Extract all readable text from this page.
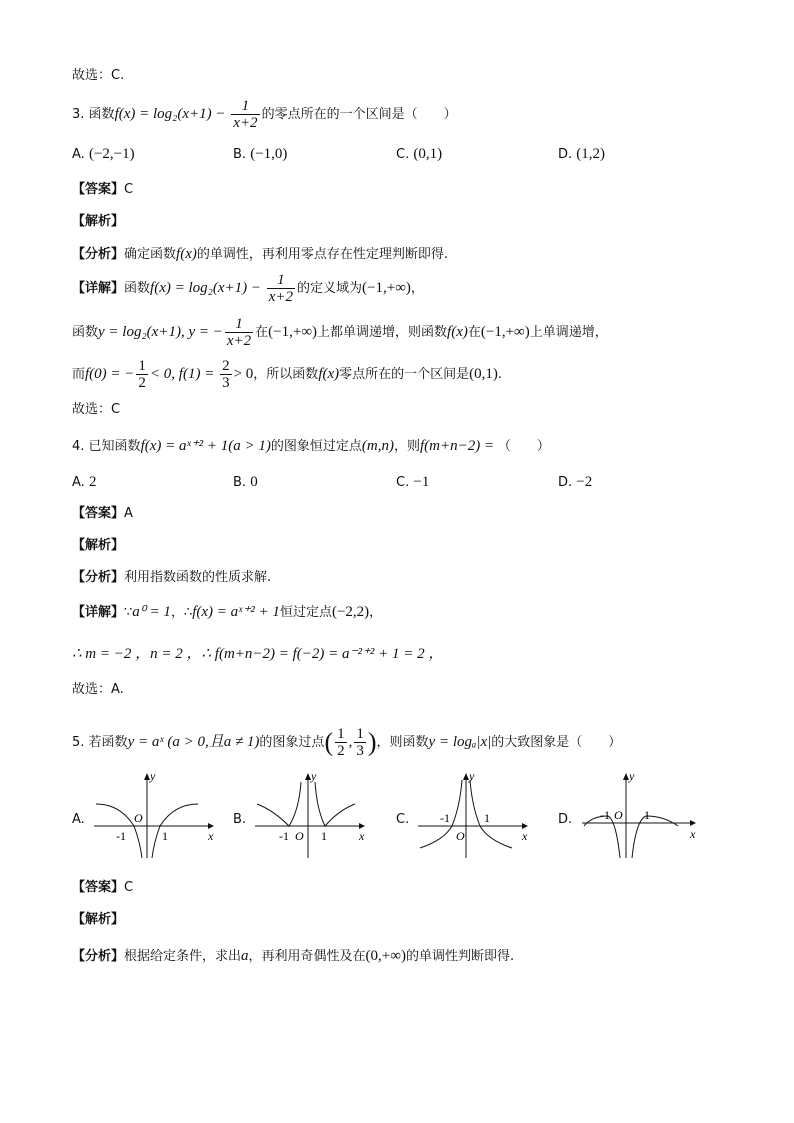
故选：C.
3. 函数$f(x) = \log_2(x+1) - \frac{1}{x+2}$ 的零点所在的一个区间是（　　）
A. (−2,−1)	B. (−1,0)	C. (0,1)	D. (1,2)
【答案】C
【解析】
【分析】确定函数f(x)的单调性，再利用零点存在性定理判断即得.
【详解】函数$f(x) = \log_2(x+1) - \frac{1}{x+2}$ 的定义域为(−1,+∞)，
函数y = log₂(x+1), y = − $\frac{1}{x+2}$ 在(−1,+∞)上都单调递增，则函数f(x)在(−1,+∞)上单调递增，
而f(0) = − $\frac{1}{2} < 0$, $f(1) = \frac{2}{3} > 0$，所以函数f(x)零点所在的一个区间是(0,1).
故选：C
4. 已知函数f(x) = aˣ⁺² + 1(a > 1)的图象恒过定点(m,n)，则f(m+n−2) = （　　）
A. 2	B. 0	C. −1	D. −2
【答案】A
【解析】
【分析】利用指数函数的性质求解.
【详解】∵a⁰ = 1，∴f(x) = aˣ⁺² + 1恒过定点(−2,2)，
∴ m = −2 ，n = 2 ，∴ f(m+n−2) = f(−2) = a⁻²⁺² + 1 = 2 ，
故选：A.
5. 若函数y = aˣ (a > 0,且a ≠ 1)的图象过点( $\frac{1}{2}$ , $\frac{1}{3}$ )，则函数y = logₐ|x|的大致图象是（　　）
A.	B.	C.	D.
y
x
O
-1	1
y
x
O
-1	1
y
x
O
-1	1
y
x
O
-1	1
【答案】C
【解析】
【分析】根据给定条件，求出a，再利用奇偶性及在(0,+∞)的单调性判断即得.
